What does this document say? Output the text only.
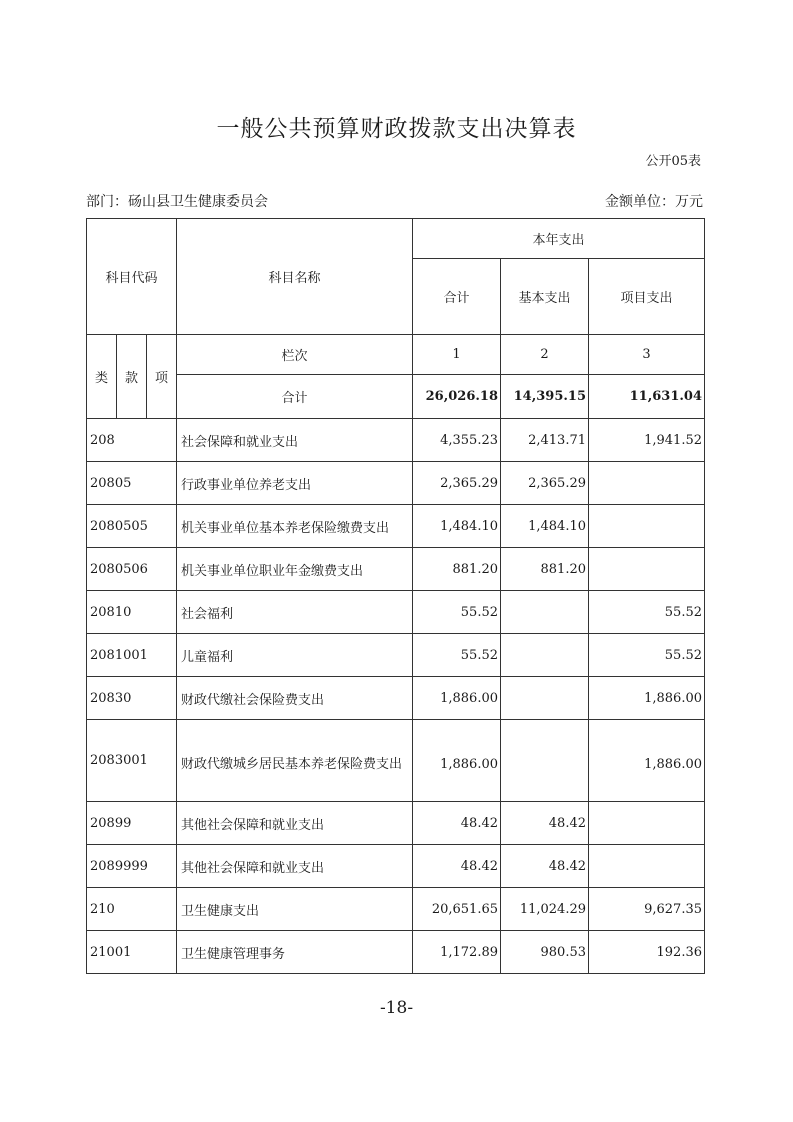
一般公共预算财政拨款支出决算表
公开05表
部门：砀山县卫生健康委员会	金额单位：万元
科目代码			科目名称	本年支出		
				合计	基本支出	项目支出
类	款	项	栏次	1	2	3
			合计	26,026.18	14,395.15	11,631.04
208			社会保障和就业支出	4,355.23	2,413.71	1,941.52
20805			行政事业单位养老支出	2,365.29	2,365.29	
2080505			机关事业单位基本养老保险缴费支出	1,484.10	1,484.10	
2080506			机关事业单位职业年金缴费支出	881.20	881.20	
20810			社会福利	55.52		55.52
2081001			儿童福利	55.52		55.52
20830			财政代缴社会保险费支出	1,886.00		1,886.00
2083001			财政代缴城乡居民基本养老保险费支出	1,886.00		1,886.00
20899			其他社会保障和就业支出	48.42	48.42	
2089999			其他社会保障和就业支出	48.42	48.42	
210			卫生健康支出	20,651.65	11,024.29	9,627.35
21001			卫生健康管理事务	1,172.89	980.53	192.36
-18-
